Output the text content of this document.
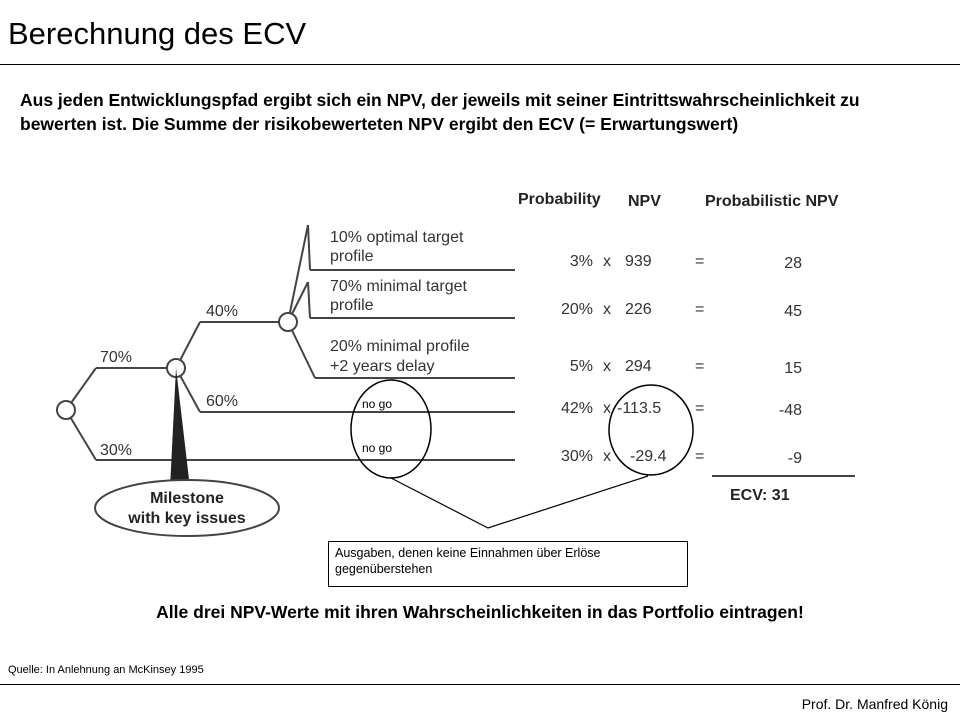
Berechnung des ECV
Aus jeden Entwicklungspfad ergibt sich ein NPV, der jeweils mit seiner Eintrittswahrscheinlichkeit zu bewerten ist. Die Summe der risikobewerteten NPV ergibt den ECV (= Erwartungswert)
Milestone
with key issues
70%
30%
40%
60%
10% optimal target
profile
70% minimal target
profile
20% minimal profile
+2 years delay
no go
no go
Probability NPV	Probabilistic NPV
3% x 939	=	28
20% x 226	=	45
5% x 294	=	15
42% x -113.5 =	-48
30% x -29.4 =	-9
ECV: 31
Ausgaben, denen keine Einnahmen über Erlöse gegenüberstehen
Alle drei NPV-Werte mit ihren Wahrscheinlichkeiten in das Portfolio eintragen!
Quelle: In Anlehnung an McKinsey 1995
Prof. Dr. Manfred König
